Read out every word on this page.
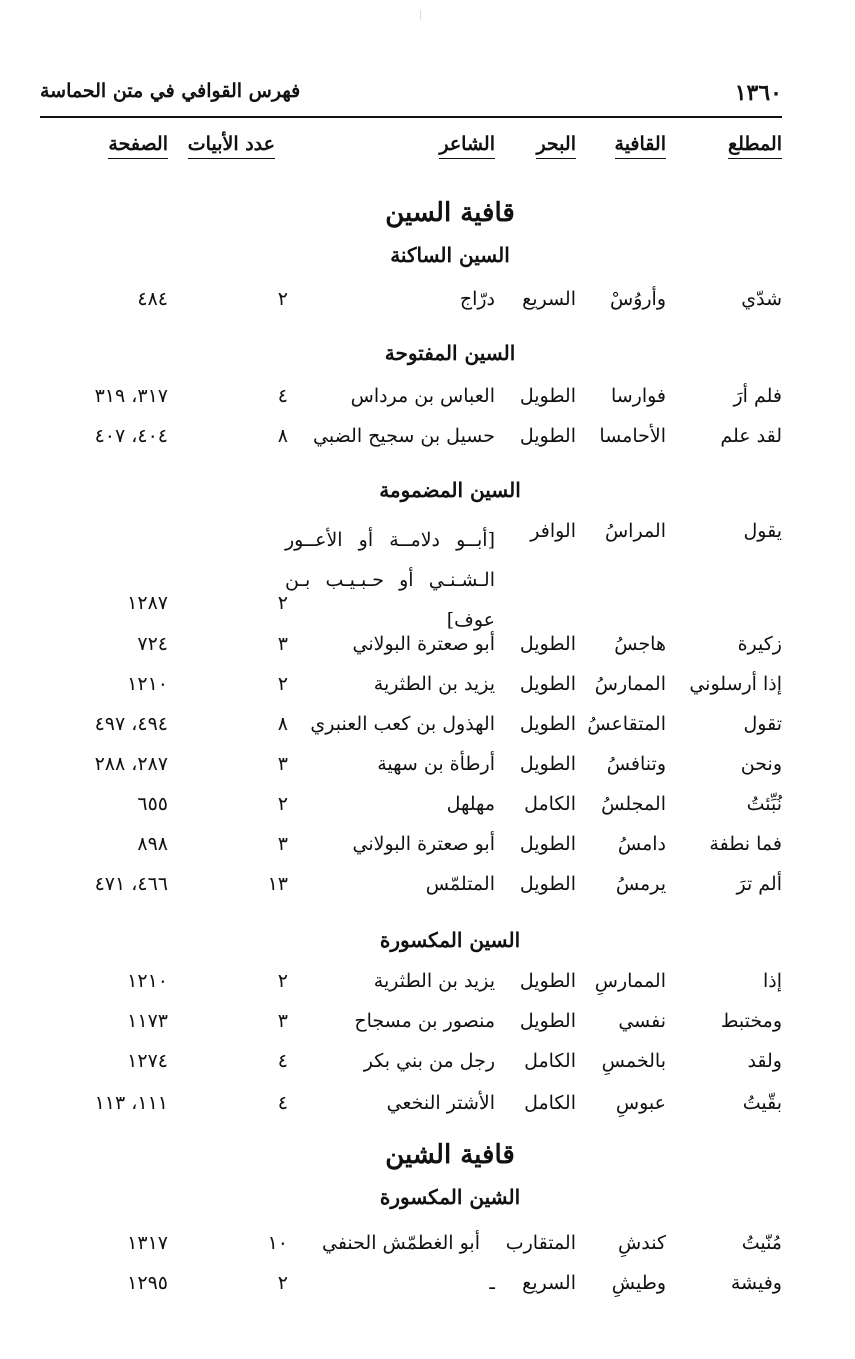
١٣٦٠
فهرس القوافي في متن الحماسة
المطلع
القافية
البحر
الشاعر
عدد الأبيات
الصفحة
قافية السين
السين الساكنة
شدّي
وأروُسْ
السريع
درّاج
٢
٤٨٤
السين المفتوحة
فلم أرَ
فوارسا
الطويل
العباس بن مرداس
٤
٣١٧، ٣١٩
لقد علم
الأحامسا
الطويل
حسيل بن سجيح الضبي
٨
٤٠٤، ٤٠٧
السين المضمومة
يقول
المراسُ
الوافر
[أبــو دلامــة أو الأعــور
الـشـنـي أو حـبـيـب بـن
عوف]
٢
١٢٨٧
زكيرة
هاجسُ
الطويل
أبو صعترة البولاني
٣
٧٢٤
إذا أرسلوني
الممارسُ
الطويل
يزيد بن الطثرية
٢
١٢١٠
تقول
المتقاعسُ
الطويل
الهذول بن كعب العنبري
٨
٤٩٤، ٤٩٧
ونحن
وتنافسُ
الطويل
أرطأة بن سهية
٣
٢٨٧، ٢٨٨
نُبِّئتُ
المجلسُ
الكامل
مهلهل
٢
٦٥٥
فما نطفة
دامسُ
الطويل
أبو صعترة البولاني
٣
٨٩٨
ألم ترَ
يرمسُ
الطويل
المتلمّس
١٣
٤٦٦، ٤٧١
السين المكسورة
إذا
الممارسِ
الطويل
يزيد بن الطثرية
٢
١٢١٠
ومختبط
نفسي
الطويل
منصور بن مسجاح
٣
١١٧٣
ولقد
بالخمسِ
الكامل
رجل من بني بكر
٤
١٢٧٤
بقّيتُ
عبوسِ
الكامل
الأشتر النخعي
٤
١١١، ١١٣
قافية الشين
الشين المكسورة
مُنّيتُ
كندشِ
المتقارب
أبو الغطمّش الحنفي
١٠
١٣١٧
وفيشة
وطيشِ
السريع
ـ
٢
١٢٩٥
